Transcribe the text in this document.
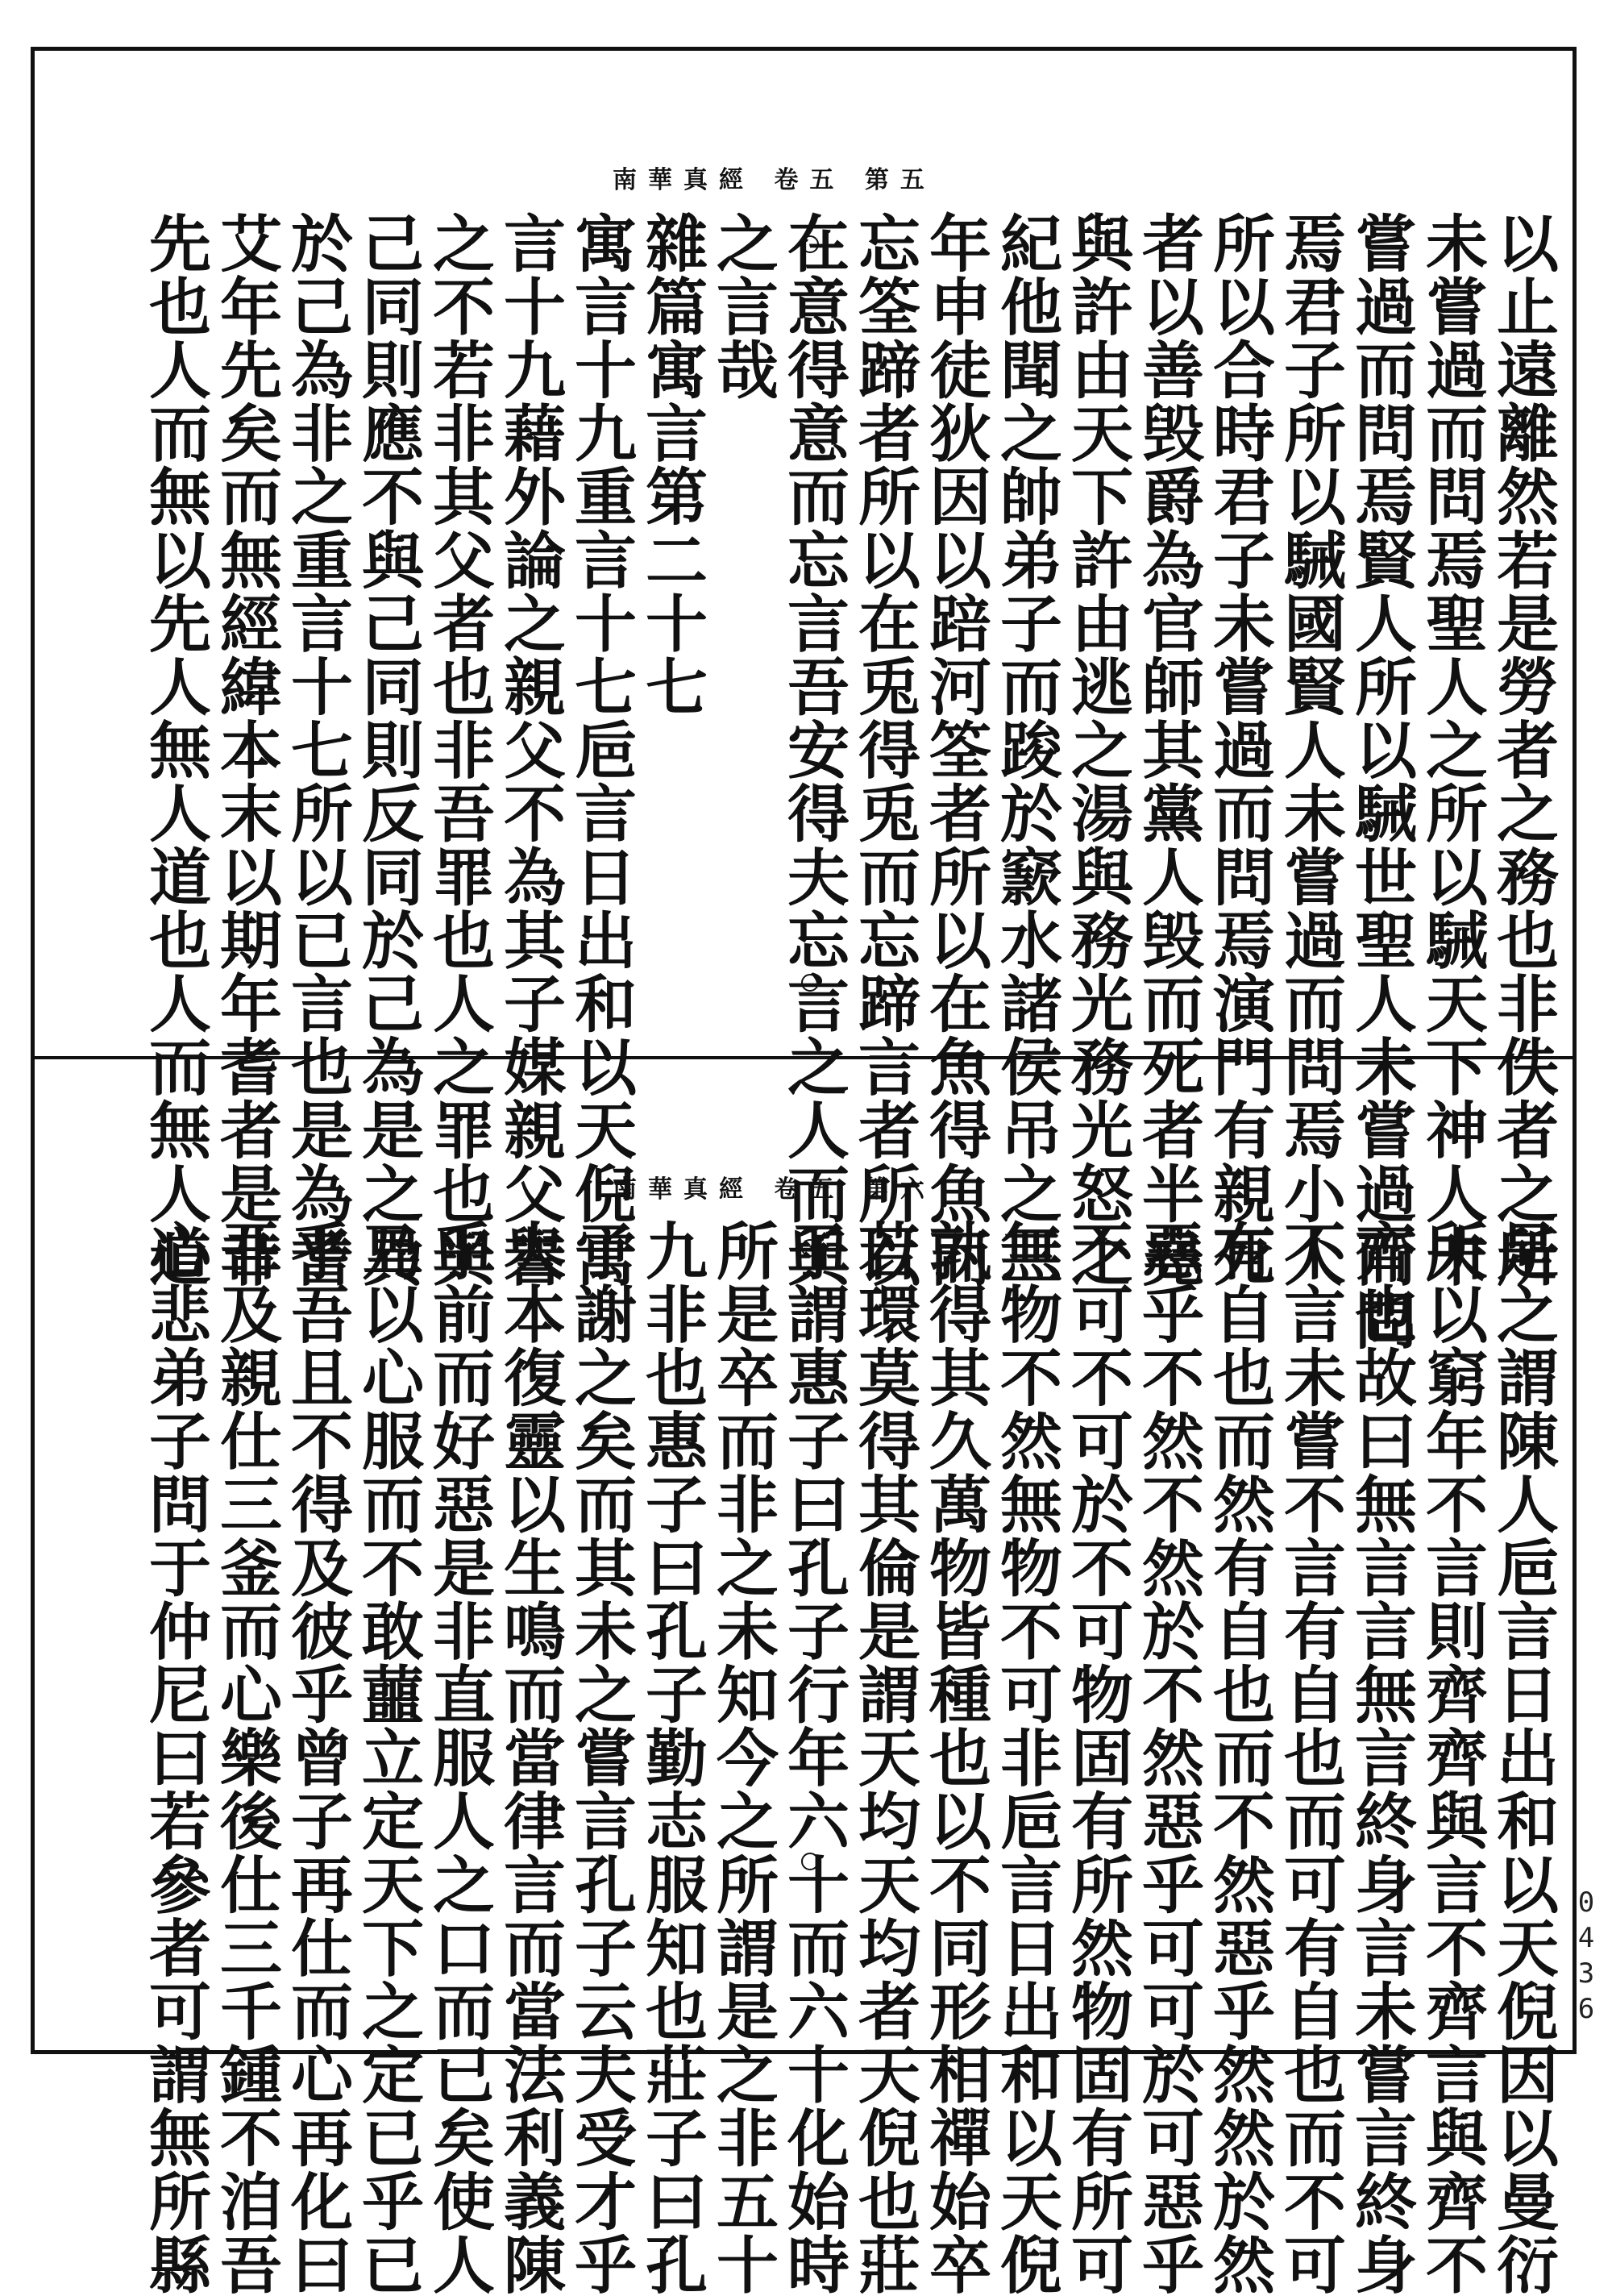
南華真經 卷五 第五
南華真經 卷五 第六	以止遠離然若是勞者之務也非佚者之所
未嘗過而問焉聖人之所以駴天下神人未
嘗過而問焉賢人所以駴世聖人未嘗過而問
焉君子所以駴國賢人未嘗過而問焉小人
所以合時君子未嘗過而問焉演門有親死
者以善毁爵為官師其黨人毁而死者半堯
與許由天下許由逃之湯與務光務光怒之
紀他聞之帥弟子而踆於窾水諸侯吊之三
年申徒狄因以踣河筌者所以在魚得魚而
忘筌蹄者所以在兎得兎而忘蹄言者所以
在意得意而忘言吾安得夫忘言之人而與
之言哉
雜篇寓言第二十七
寓言十九重言十七巵言日出和以天倪寓
言十九藉外論之親父不為其子媒親父譽
之不若非其父者也非吾罪也人之罪也與
己同則應不與己同則反同於己為是之異
於己為非之重言十七所以已言也是為耆
艾年先矣而無經緯本末以期年耆者是非
先也人而無以先人無人道也人而無人道
是之謂陳人巵言日出和以天倪因以曼衍
所以窮年不言則齊齊與言不齊言與齊不
齊也故曰無言言無言終身言未嘗言終身
不言未嘗不言有自也而可有自也而不可
有自也而然有自也而不然惡乎然然於然
惡乎不然不然於不然惡乎可可於可惡乎
不可不可於不可物固有所然物固有所可
無物不然無物不可非巵言日出和以天倪
孰得其久萬物皆種也以不同形相禪始卒
若環莫得其倫是謂天均天均者天倪也莊
子謂惠子曰孔子行年六十而六十化始時
所是卒而非之未知今之所謂是之非五十
九非也惠子曰孔子勤志服知也莊子曰孔
子謝之矣而其未之嘗言孔子云夫受才乎
大本復靈以生鳴而當律言而當法利義陳
乎前而好惡是非直服人之口而已矣使人
乃以心服而不敢蘁立定天下之定已乎已
乎吾且不得及彼乎曾子再仕而心再化曰
吾及親仕三釜而心樂後仕三千鍾不洎吾
心悲弟子問于仲尼曰若參者可謂無所縣	0436
